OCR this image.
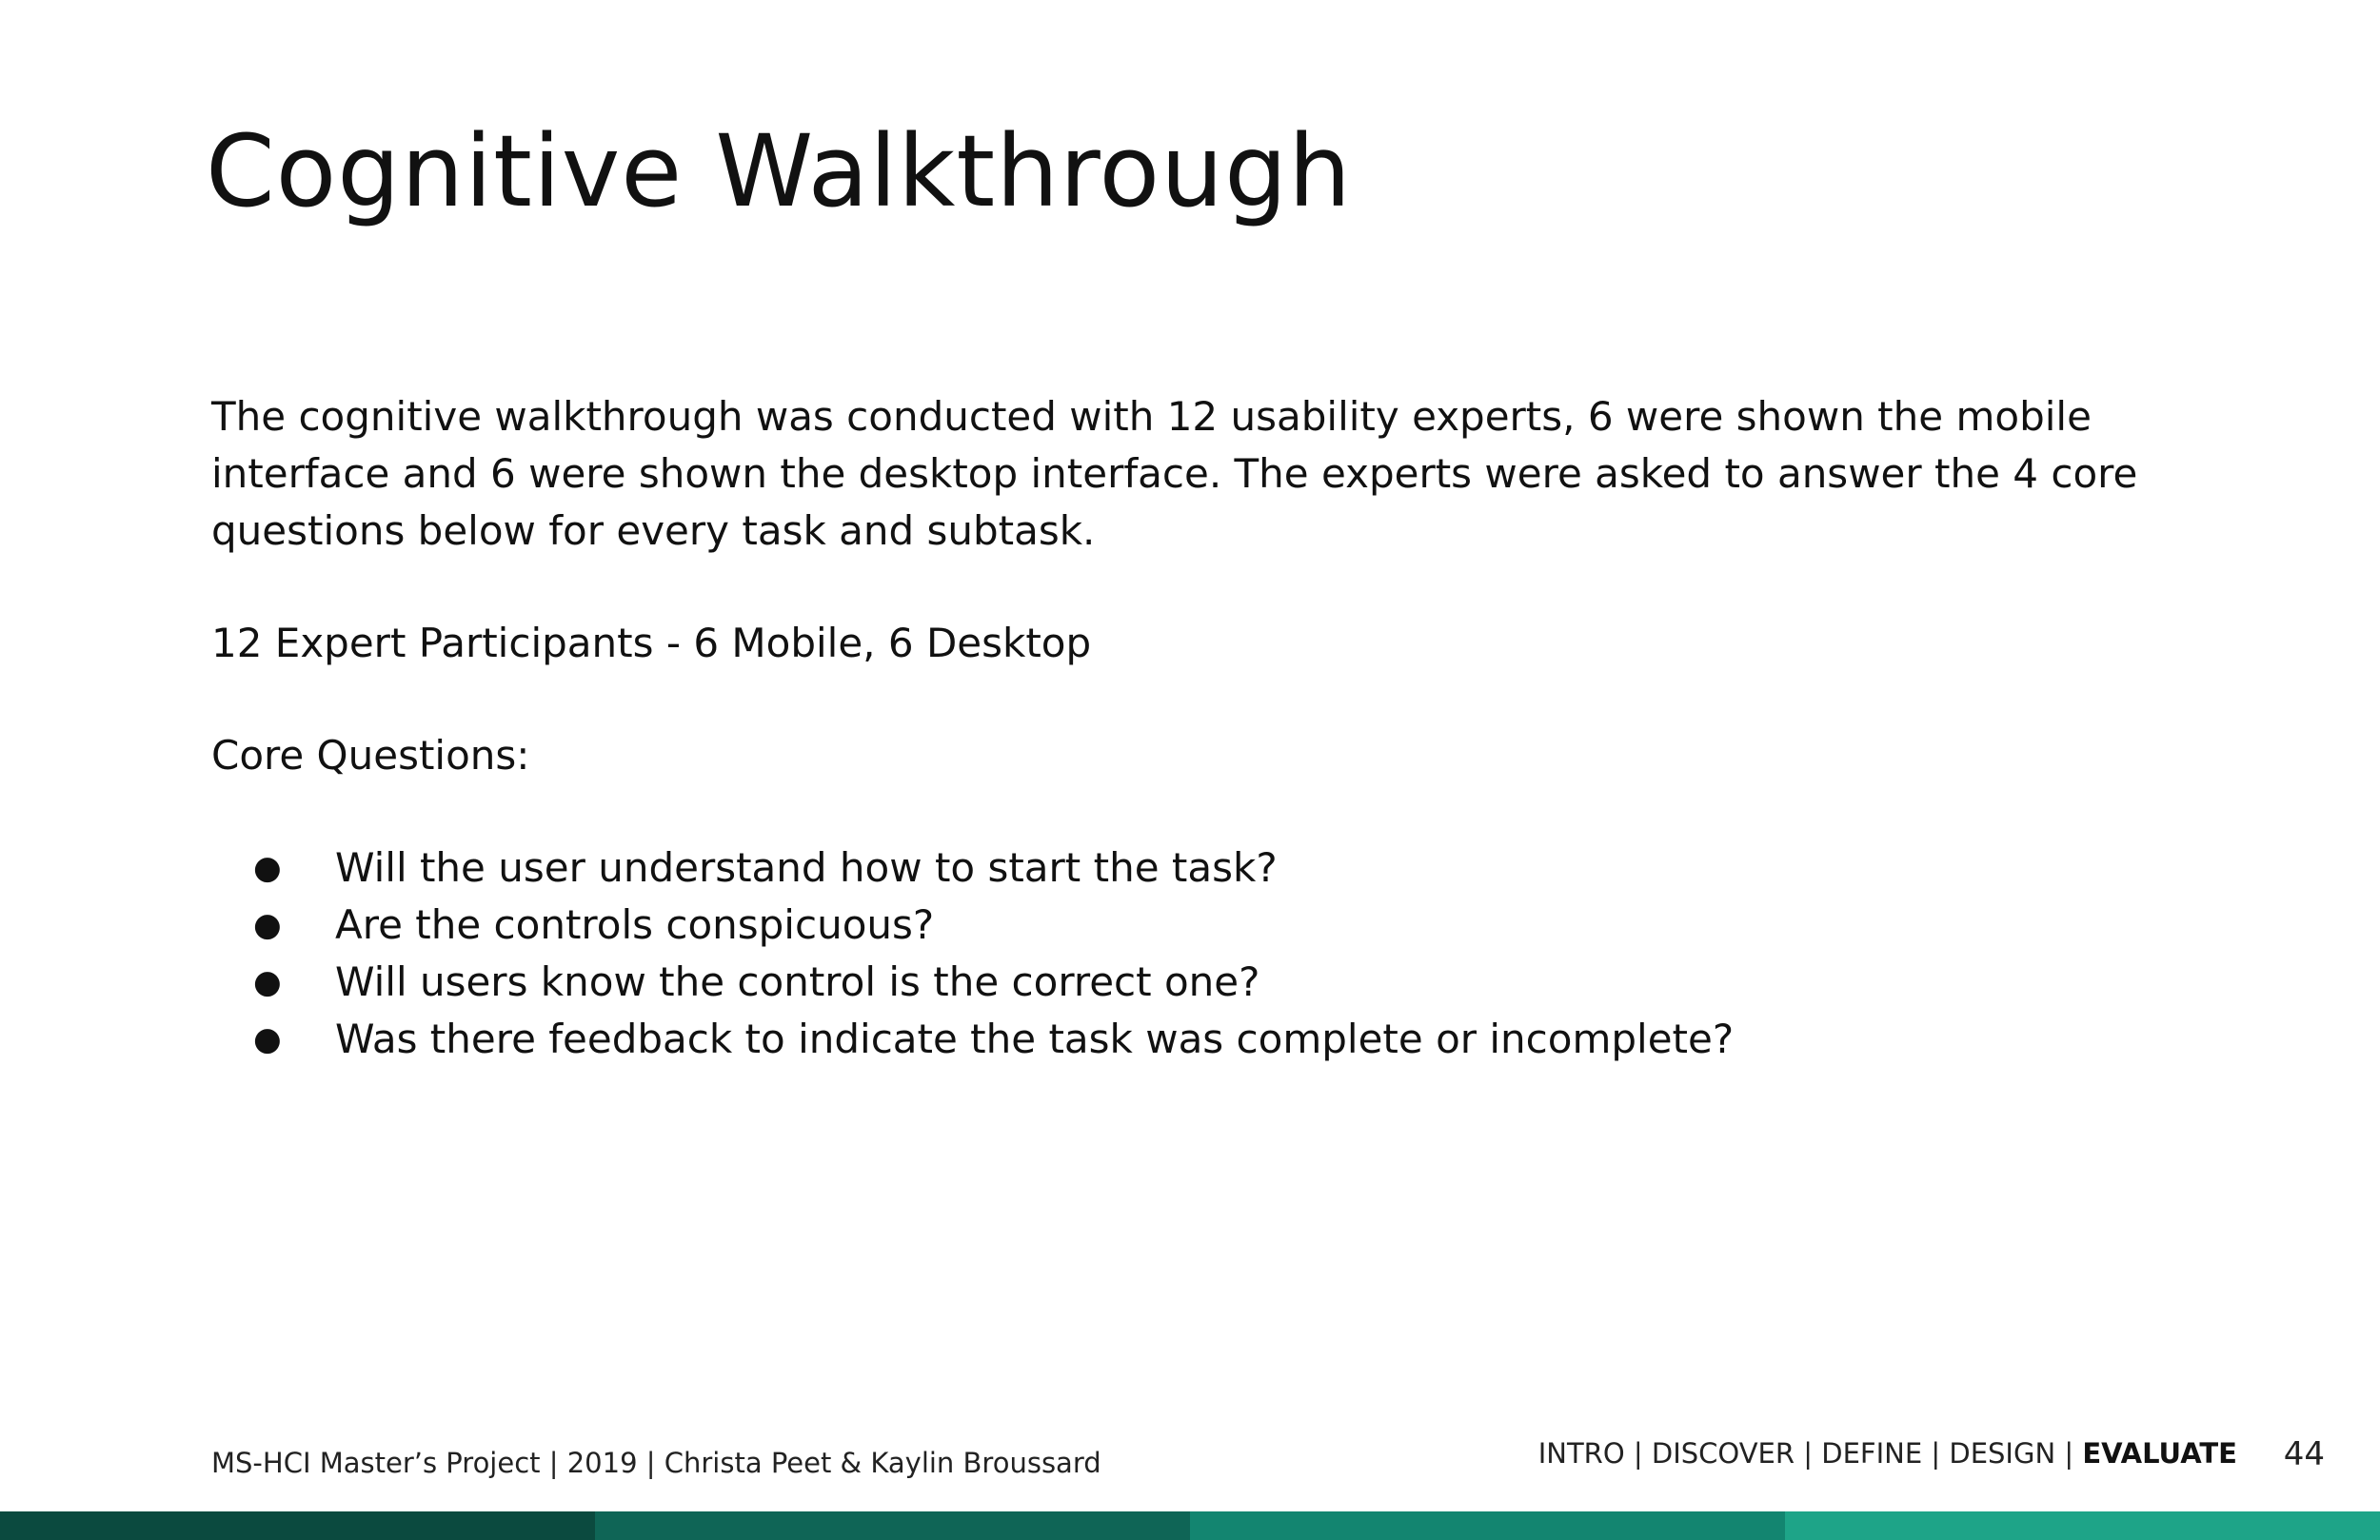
Cognitive Walkthrough

The cognitive walkthrough was conducted with 12 usability experts, 6 were shown the mobile interface and 6 were shown the desktop interface. The experts were asked to answer the 4 core questions below for every task and subtask.

12 Expert Participants - 6 Mobile, 6 Desktop

Core Questions:

● Will the user understand how to start the task?
● Are the controls conspicuous?
● Will users know the control is the correct one?
● Was there feedback to indicate the task was complete or incomplete?
MS-HCI Master’s Project | 2019 | Christa Peet & Kaylin Broussard	INTRO | DISCOVER | DEFINE | DESIGN | EVALUATE 44
